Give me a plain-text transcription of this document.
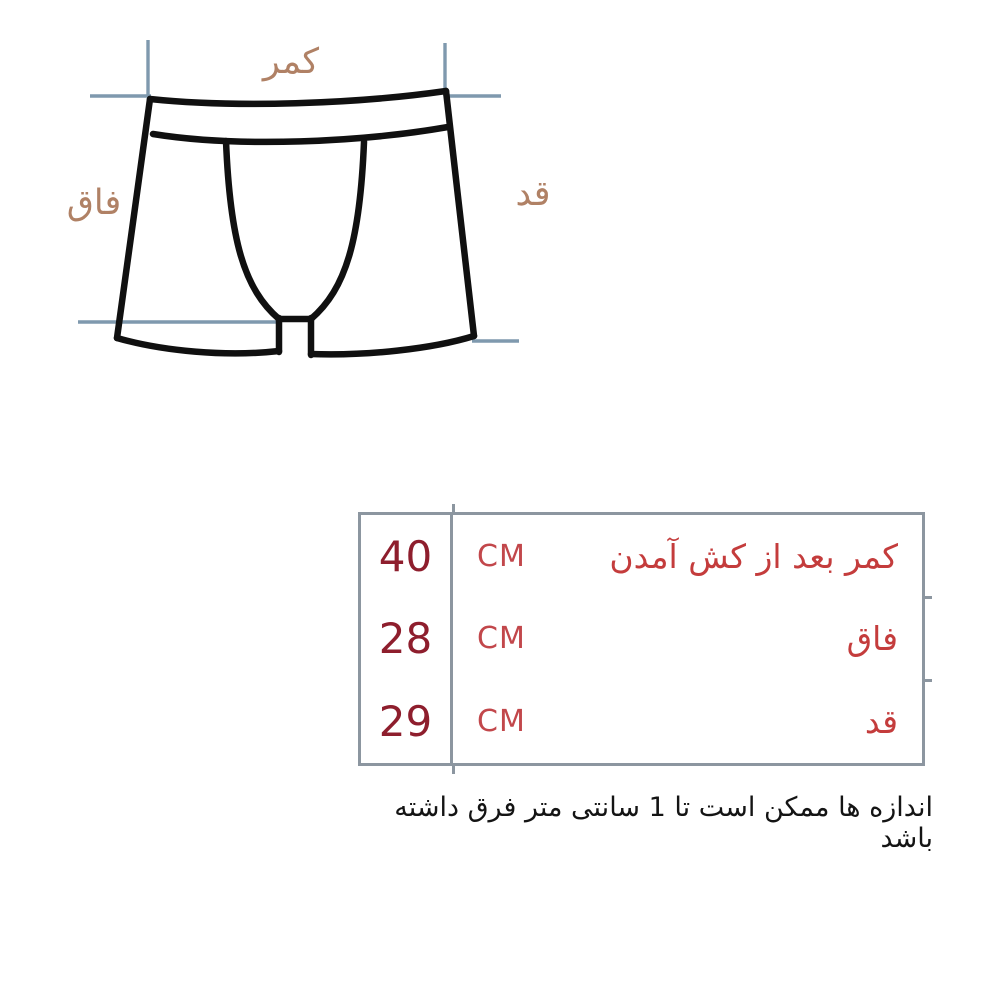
کمر
فاق	قد
40	CM	کمر بعد از کش آمدن
28	CM	فاق
29	CM	قد
اندازه ها ممکن است تا 1 سانتی متر فرق داشته باشد
